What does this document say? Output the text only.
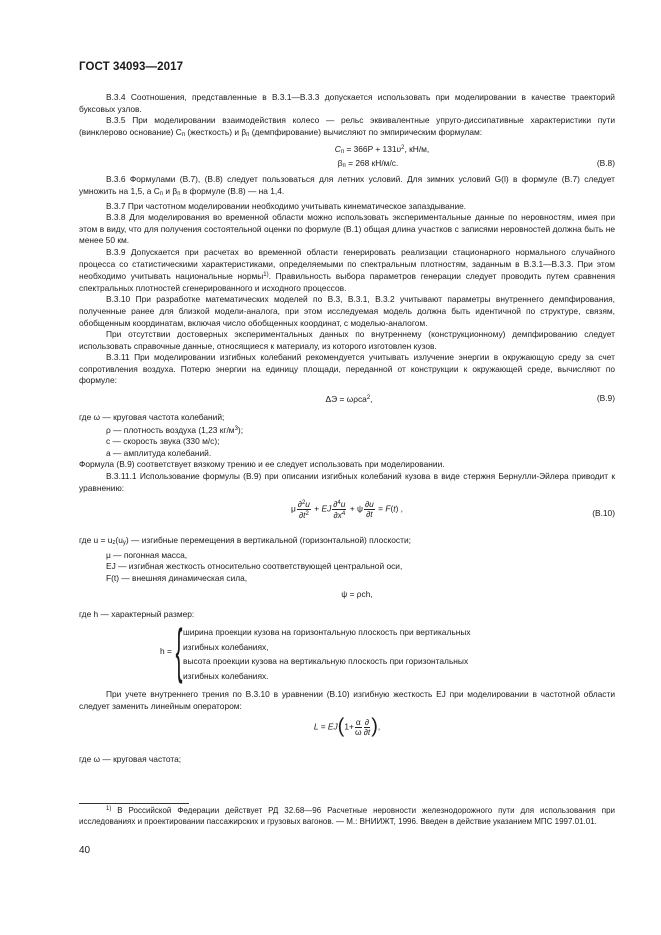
ГОСТ 34093—2017

В.3.4 Соотношения, представленные в В.3.1—В.3.3 допускается использовать при моделировании в качестве траекторий буксовых узлов.

В.3.5 При моделировании взаимодействия колесо — рельс эквивалентные упруго-диссипативные характеристики пути (винклерово основание) Cп (жесткость) и βп (демпфирование) вычисляют по эмпирическим формулам:

Cп = $366P + 131\upsilon^2$, кН/м,
βп = 268 кН/м/с.	(В.8)

В.3.6 Формулами (В.7), (В.8) следует пользоваться для летних условий. Для зимних условий G(l) в формуле (В.7) следует умножить на 1,5, а Cп и βп в формуле (В.8) — на 1,4.

В.3.7 При частотном моделировании необходимо учитывать кинематическое запаздывание.

В.3.8 Для моделирования во временной области можно использовать экспериментальные данные по неровностям, имея при этом в виду, что для получения состоятельной оценки по формуле (В.1) общая длина участков с записями неровностей должна быть не менее 50 км.

В.3.9 Допускается при расчетах во временной области генерировать реализации стационарного нормального случайного процесса со статистическими характеристиками, определяемыми по спектральным плотностям, заданным в В.3.1—В.3.3. При этом необходимо учитывать национальные нормы$^{1)}$. Правильность выбора параметров генерации следует проводить путем сравнения спектральных плотностей сгенерированного и исходного процессов.

В.3.10 При разработке математических моделей по В.3, В.3.1, В.3.2 учитывают параметры внутреннего демпфирования, полученные ранее для близкой модели-аналога, при этом исследуемая модель должна быть идентичной по структуре, связям, обобщенным координатам, включая число обобщенных координат, с моделью-аналогом.

При отсутствии достоверных экспериментальных данных по внутреннему (конструкционному) демпфированию следует использовать справочные данные, относящиеся к материалу, из которого изготовлен кузов.

В.3.11 При моделировании изгибных колебаний рекомендуется учитывать излучение энергии в окружающую среду за счет сопротивления воздуха. Потерю энергии на единицу площади, переданной от конструкции к окружающей среде, вычисляют по формуле:

ΔЭ = ωρcа$^2$,	(В.9)

где ω — круговая частота колебаний;

ρ — плотность воздуха (1,23 $кг/м^3$);

c — скорость звука (330 м/с);

a — амплитуда колебаний.

Формула (В.9) соответствует вязкому трению и ее следует использовать при моделировании.

В.3.11.1 Использование формулы (В.9) при описании изгибных колебаний кузова в виде стержня Бернулли-Эйлера приводит к уравнению:

μ $\frac{\partial^2u}{\partial t^2}$ + EJ $\frac{\partial^4u}{\partial x^4} + \psi \frac{\partial u}{\partial t} = F(t)$ ,	(В.10)

где u = uz(uy) — изгибные перемещения в вертикальной (горизонтальной) плоскости;

μ — погонная масса,

EJ — изгибная жесткость относительно соответствующей центральной оси,

F(t) — внешняя динамическая сила,

ψ = ρch,

где h — характерный размер:

h = { ширина проекции кузова на горизонтальную плоскость при вертикальных
изгибных колебаниях,
высота проекции кузова на вертикальную плоскость при горизонтальных
изгибных колебаниях.

При учете внутреннего трения по В.3.10 в уравнении (В.10) изгибную жесткость EJ при моделировании в частотной области следует заменить линейным оператором:

$L = EJ(1+ \frac{\alpha}{\omega} \frac{\partial}{\partial t}$ ),

где ω — круговая частота;

$^{1)}$ В Российской Федерации действует РД 32.68—96 Расчетные неровности железнодорожного пути для использования при исследованиях и проектировании пассажирских и грузовых вагонов. — М.: ВНИИЖТ, 1996. Введен в действие указанием МПС 1997.01.01.
40
